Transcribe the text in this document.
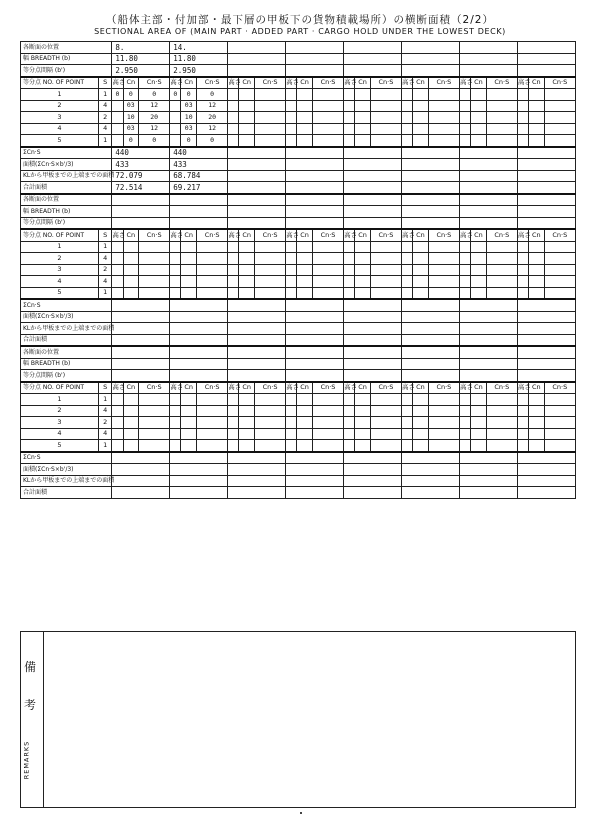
（船体主部・付加部・最下層の甲板下の貨物積載場所）の横断面積（2/2）
SECTIONAL AREA OF (MAIN PART · ADDED PART · CARGO HOLD UNDER THE LOWEST DECK)
各断面の位置		8.			14.																				
幅 BREADTH (b)		11.80			11.80																				
等分点間隔 (b')		2.950			2.950																				
等分点 NO. OF POINT	S	高さ	Cn	Cn·S	高さ	Cn	Cn·S	高さ	Cn	Cn·S	高さ	Cn	Cn·S	高さ	Cn	Cn·S	高さ	Cn	Cn·S	高さ	Cn	Cn·S	高さ	Cn	Cn·S
1	1	0	0	0	0	0	0																		
2	4		03	12		03	12																		
3	2		10	20		10	20																		
4	4		03	12		03	12																		
5	1		0	0		0	0																		
ΣCn·S		440			440																				
面積(ΣCn·S×b'/3)		433			433																				
KLから甲板までの上端までの面積		72.079			68.784																				
合計面積		72.514			69.217																				
各断面の位置																									
幅 BREADTH (b)																									
等分点間隔 (b')																									
等分点 NO. OF POINT	S	高さ	Cn	Cn·S	高さ	Cn	Cn·S	高さ	Cn	Cn·S	高さ	Cn	Cn·S	高さ	Cn	Cn·S	高さ	Cn	Cn·S	高さ	Cn	Cn·S	高さ	Cn	Cn·S
1	1																								
2	4																								
3	2																								
4	4																								
5	1																								
ΣCn·S																									
面積(ΣCn·S×b'/3)																									
KLから甲板までの上端までの面積																									
合計面積																									
各断面の位置																									
幅 BREADTH (b)																									
等分点間隔 (b')																									
等分点 NO. OF POINT	S	高さ	Cn	Cn·S	高さ	Cn	Cn·S	高さ	Cn	Cn·S	高さ	Cn	Cn·S	高さ	Cn	Cn·S	高さ	Cn	Cn·S	高さ	Cn	Cn·S	高さ	Cn	Cn·S
1	1																								
2	4																								
3	2																								
4	4																								
5	1																								
ΣCn·S																									
面積(ΣCn·S×b'/3)																									
KLから甲板までの上端までの面積																									
合計面積																									
備
考
REMARKS
